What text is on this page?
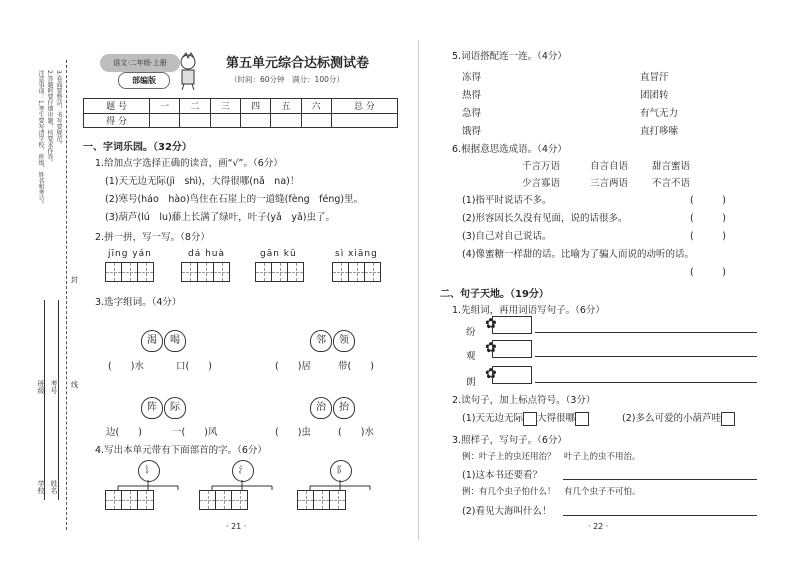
注意事项：1.考生要写清学校、班级、姓名和考号。 2.答题时要仔细审题，按要求作答。 3.卷面要整洁，书写要规范。
封
线
班级 考号
学校 姓名
语文·二年级·上册
部编版
第五单元综合达标测试卷
（时间：60分钟　满分：100分）
题 号	一	二	三	四	五	六	总 分
得 分							
一、字词乐园。（32分）
1.给加点字选择正确的读音，画“√”。（6分）
(1)天无边无际(jì　shì)，大得很哪(nǎ　na)！
(2)寒号(háo　hào)鸟住在石崖上的一道缝(fèng　féng)里。
(3)葫芦(lú　lu)藤上长满了绿叶，叶子(yǎ　yǎ)虫了。
2.拼一拼，写一写。（8分）
jīng yán	dá huà	gān kū	sì xiāng
3.选字组词。（4分）
渴	喝
(　　)水	口(　　)
邻	领
(　　)居	带(　　)
阵	际
边(　　)	一(　　)风
治	抬
(　　)虫	(　　)水
4.写出本单元带有下面部首的字。（6分）
讠	氵	阝
· 21 ·
5.词语搭配连一连。（4分）
冻得
热得
急得
饿得
直冒汗
团团转
有气无力
直打哆嗦
6.根据意思选成语。（4分）
千言万语	自言自语	甜言蜜语
少言寡语	三言两语	不言不语
(1)指平时说话不多。	(　　　)
(2)形容因长久没有见面，说的话很多。	(　　　)
(3)自己对自己说话。	(　　　)
(4)像蜜糖一样甜的话。比喻为了骗人而说的动听的话。
(　　　)
二、句子天地。（19分）
1.先组词，再用词语写句子。（6分）
纷
✿
观
✿
朗
✿
2.读句子，加上标点符号。（3分）
(1)天无边无际 大得很哪	(2)多么可爱的小葫芦哇
3.照样子，写句子。（6分）
例：叶子上的虫还用治？　叶子上的虫不用治。
(1)这本书还要看？
例：有几个虫子怕什么！　有几个虫子不可怕。
(2)看见大海叫什么！
· 22 ·
